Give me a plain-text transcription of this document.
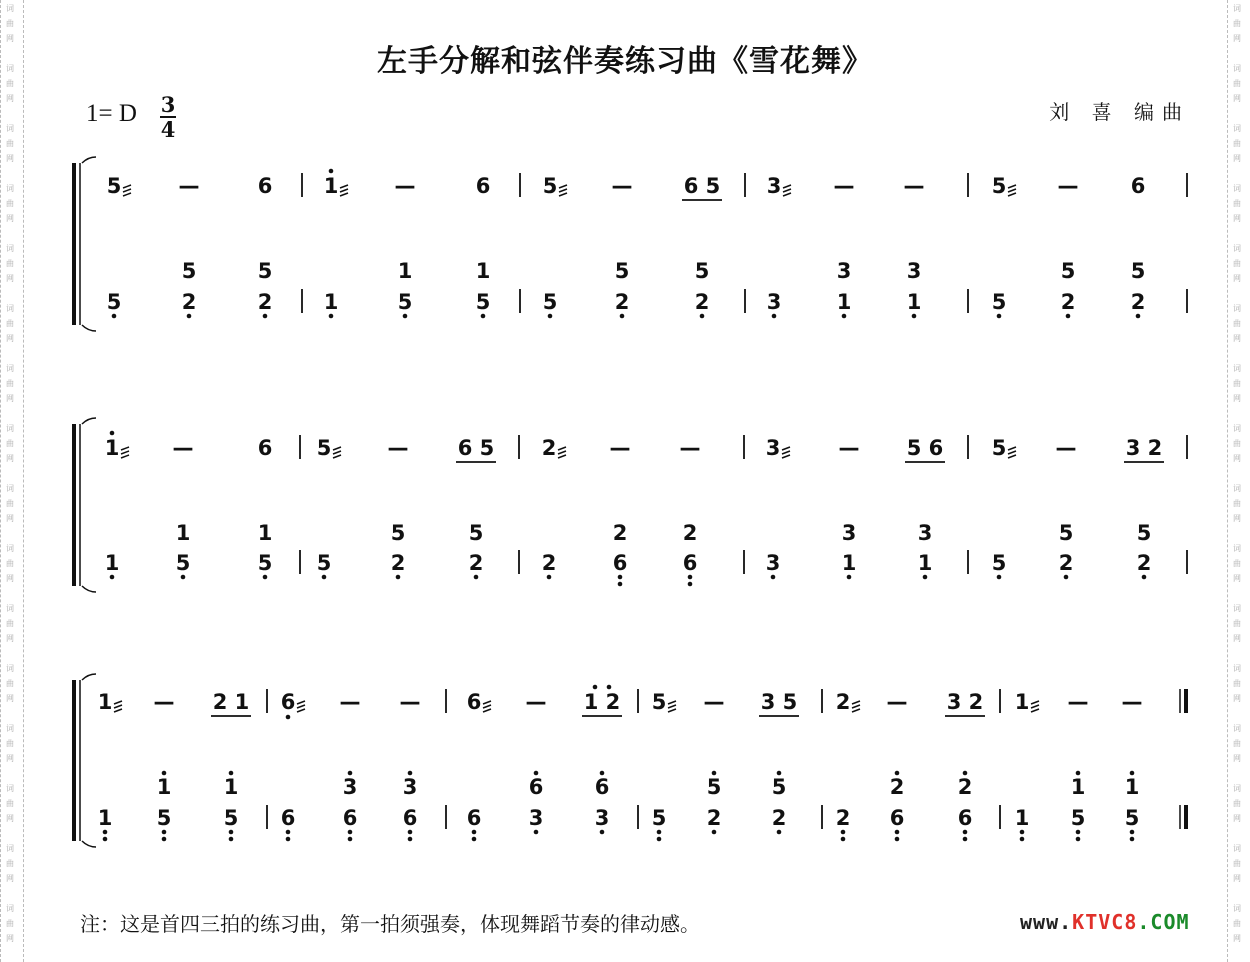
词
曲
网
词
曲
网
词
曲
网
词
曲
网
词
曲
网
词
曲
网
词
曲
网
词
曲
网
词
曲
网
词
曲
网
词
曲
网
词
曲
网
词
曲
网
词
曲
网
词
曲
网
词
曲
网
词
曲
网
词
曲
网
词
曲
网
词
曲
网
词
曲
网
词
曲
网
词
曲
网
词
曲
网
词
曲
网
词
曲
网
词
曲
网
词
曲
网
词
曲
网
词
曲
网
词
曲
网
词
曲
网
左手分解和弦伴奏练习曲《雪花舞》
1= D 3
4
刘 喜 编曲
5	—	6 1	—	6 5	— 6 5 3 — —	5 — 6
5	2
5
2
5
1	5
1
5
1
5	2
5
2
5
3	1
3
1
3
5	2
5
2
5
1	—	6 5	— 6 5 2	— —	3	— 5 6 5 — 3 2
1	5
1
5
1
5	2
5
2
5
2	6
2
6
2
3	1
3
1
3
5 2
5
2
5
1 — 2 1 6 — — 6 — 1 2 5 — 3 5 2 — 3 2 1 — —
1 5
1
5
1
6 6
3
6
3
6 3
6
3
6
5 2
5
2
5
2 6
2
6
2
1 5
1
5
1
注：这是首四三拍的练习曲，第一拍须强奏，体现舞蹈节奏的律动感。	www.KTVC8.COM
